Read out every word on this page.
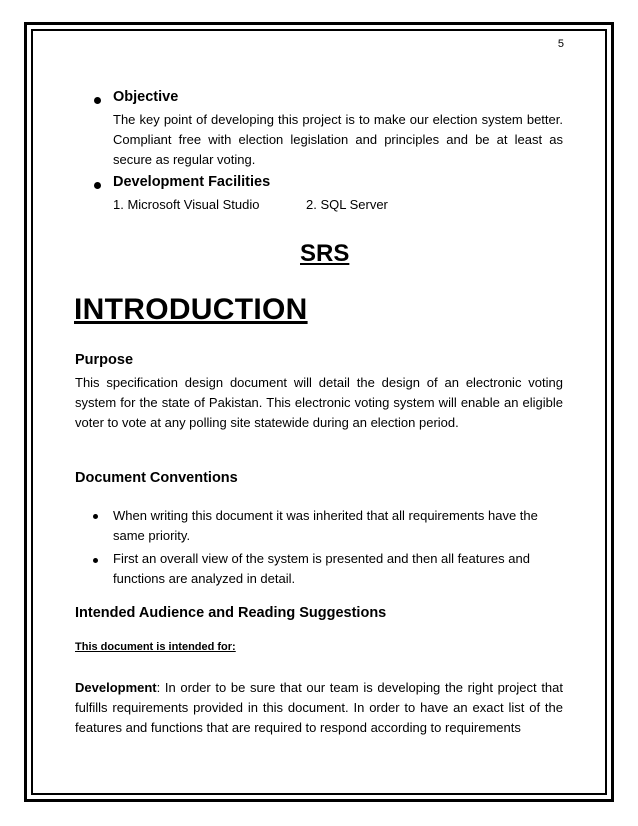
5
Objective
The key point of developing this project is to make our election system better. Compliant free with election legislation and principles and be at least as secure as regular voting.
Development Facilities
1. Microsoft Visual Studio	2. SQL Server
SRS
INTRODUCTION
Purpose
This specification design document will detail the design of an electronic voting system for the state of Pakistan. This electronic voting system will enable an eligible voter to vote at any polling site statewide during an election period.
Document Conventions
When writing this document it was inherited that all requirements have the same priority.
First an overall view of the system is presented and then all features and functions are analyzed in detail.
Intended Audience and Reading Suggestions
This document is intended for:
Development: In order to be sure that our team is developing the right project that fulfills requirements provided in this document. In order to have an exact list of the features and functions that are required to respond according to requirements
